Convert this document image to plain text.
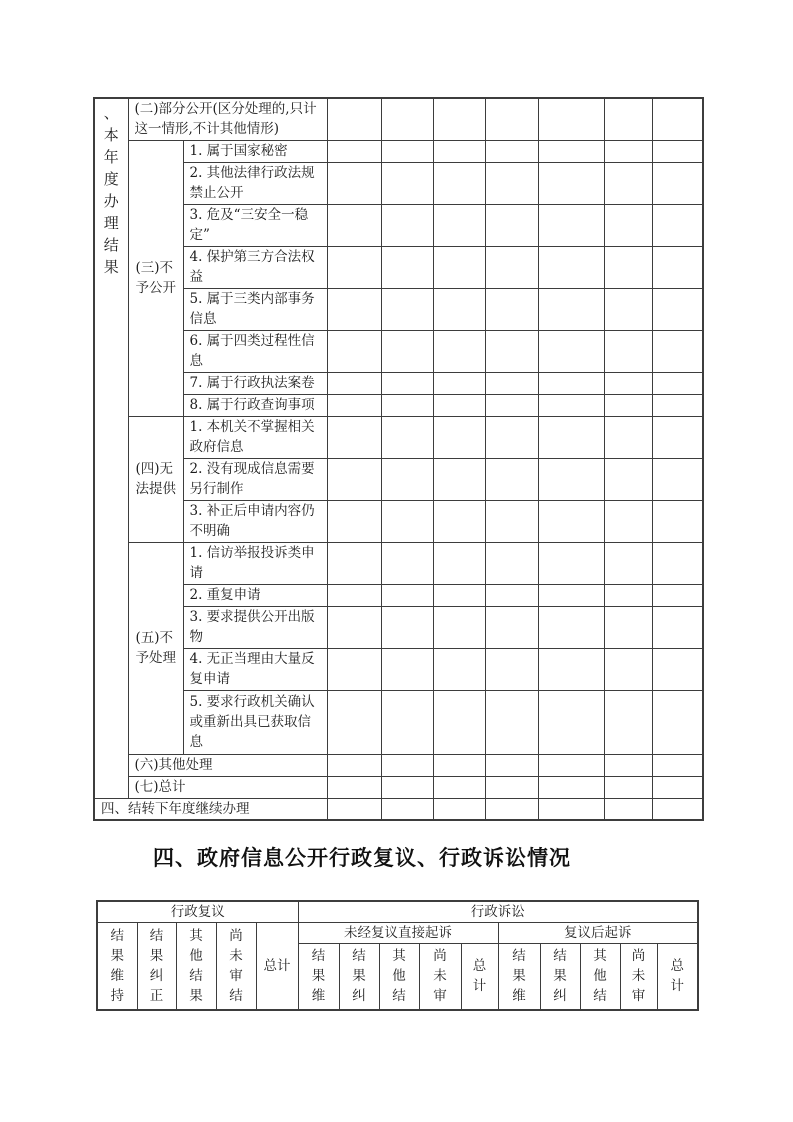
、本年度办理结果	(二)部分公开(区分处理的,只计这一情形,不计其他情形)								
	(三)不予公开	1. 属于国家秘密							
		2. 其他法律行政法规禁止公开							
		3. 危及“三安全一稳定”							
		4. 保护第三方合法权益							
		5. 属于三类内部事务信息							
		6. 属于四类过程性信息							
		7. 属于行政执法案卷							
		8. 属于行政查询事项							
	(四)无法提供	1. 本机关不掌握相关政府信息							
		2. 没有现成信息需要另行制作							
		3. 补正后申请内容仍不明确							
	(五)不予处理	1. 信访举报投诉类申请							
		2. 重复申请							
		3. 要求提供公开出版物							
		4. 无正当理由大量反复申请							
		5. 要求行政机关确认或重新出具已获取信息							
	(六)其他处理								
	(七)总计								
四、结转下年度继续办理									
四、政府信息公开行政复议、行政诉讼情况
行政复议					行政诉讼									

结果维持	结果纠正	其他结果	尚未审结	总计	未经复议直接起诉					复议后起诉				

					结果维	结果纠	其他结	尚未审	总计	结果维	结果纠	其他结	尚未审	总计
